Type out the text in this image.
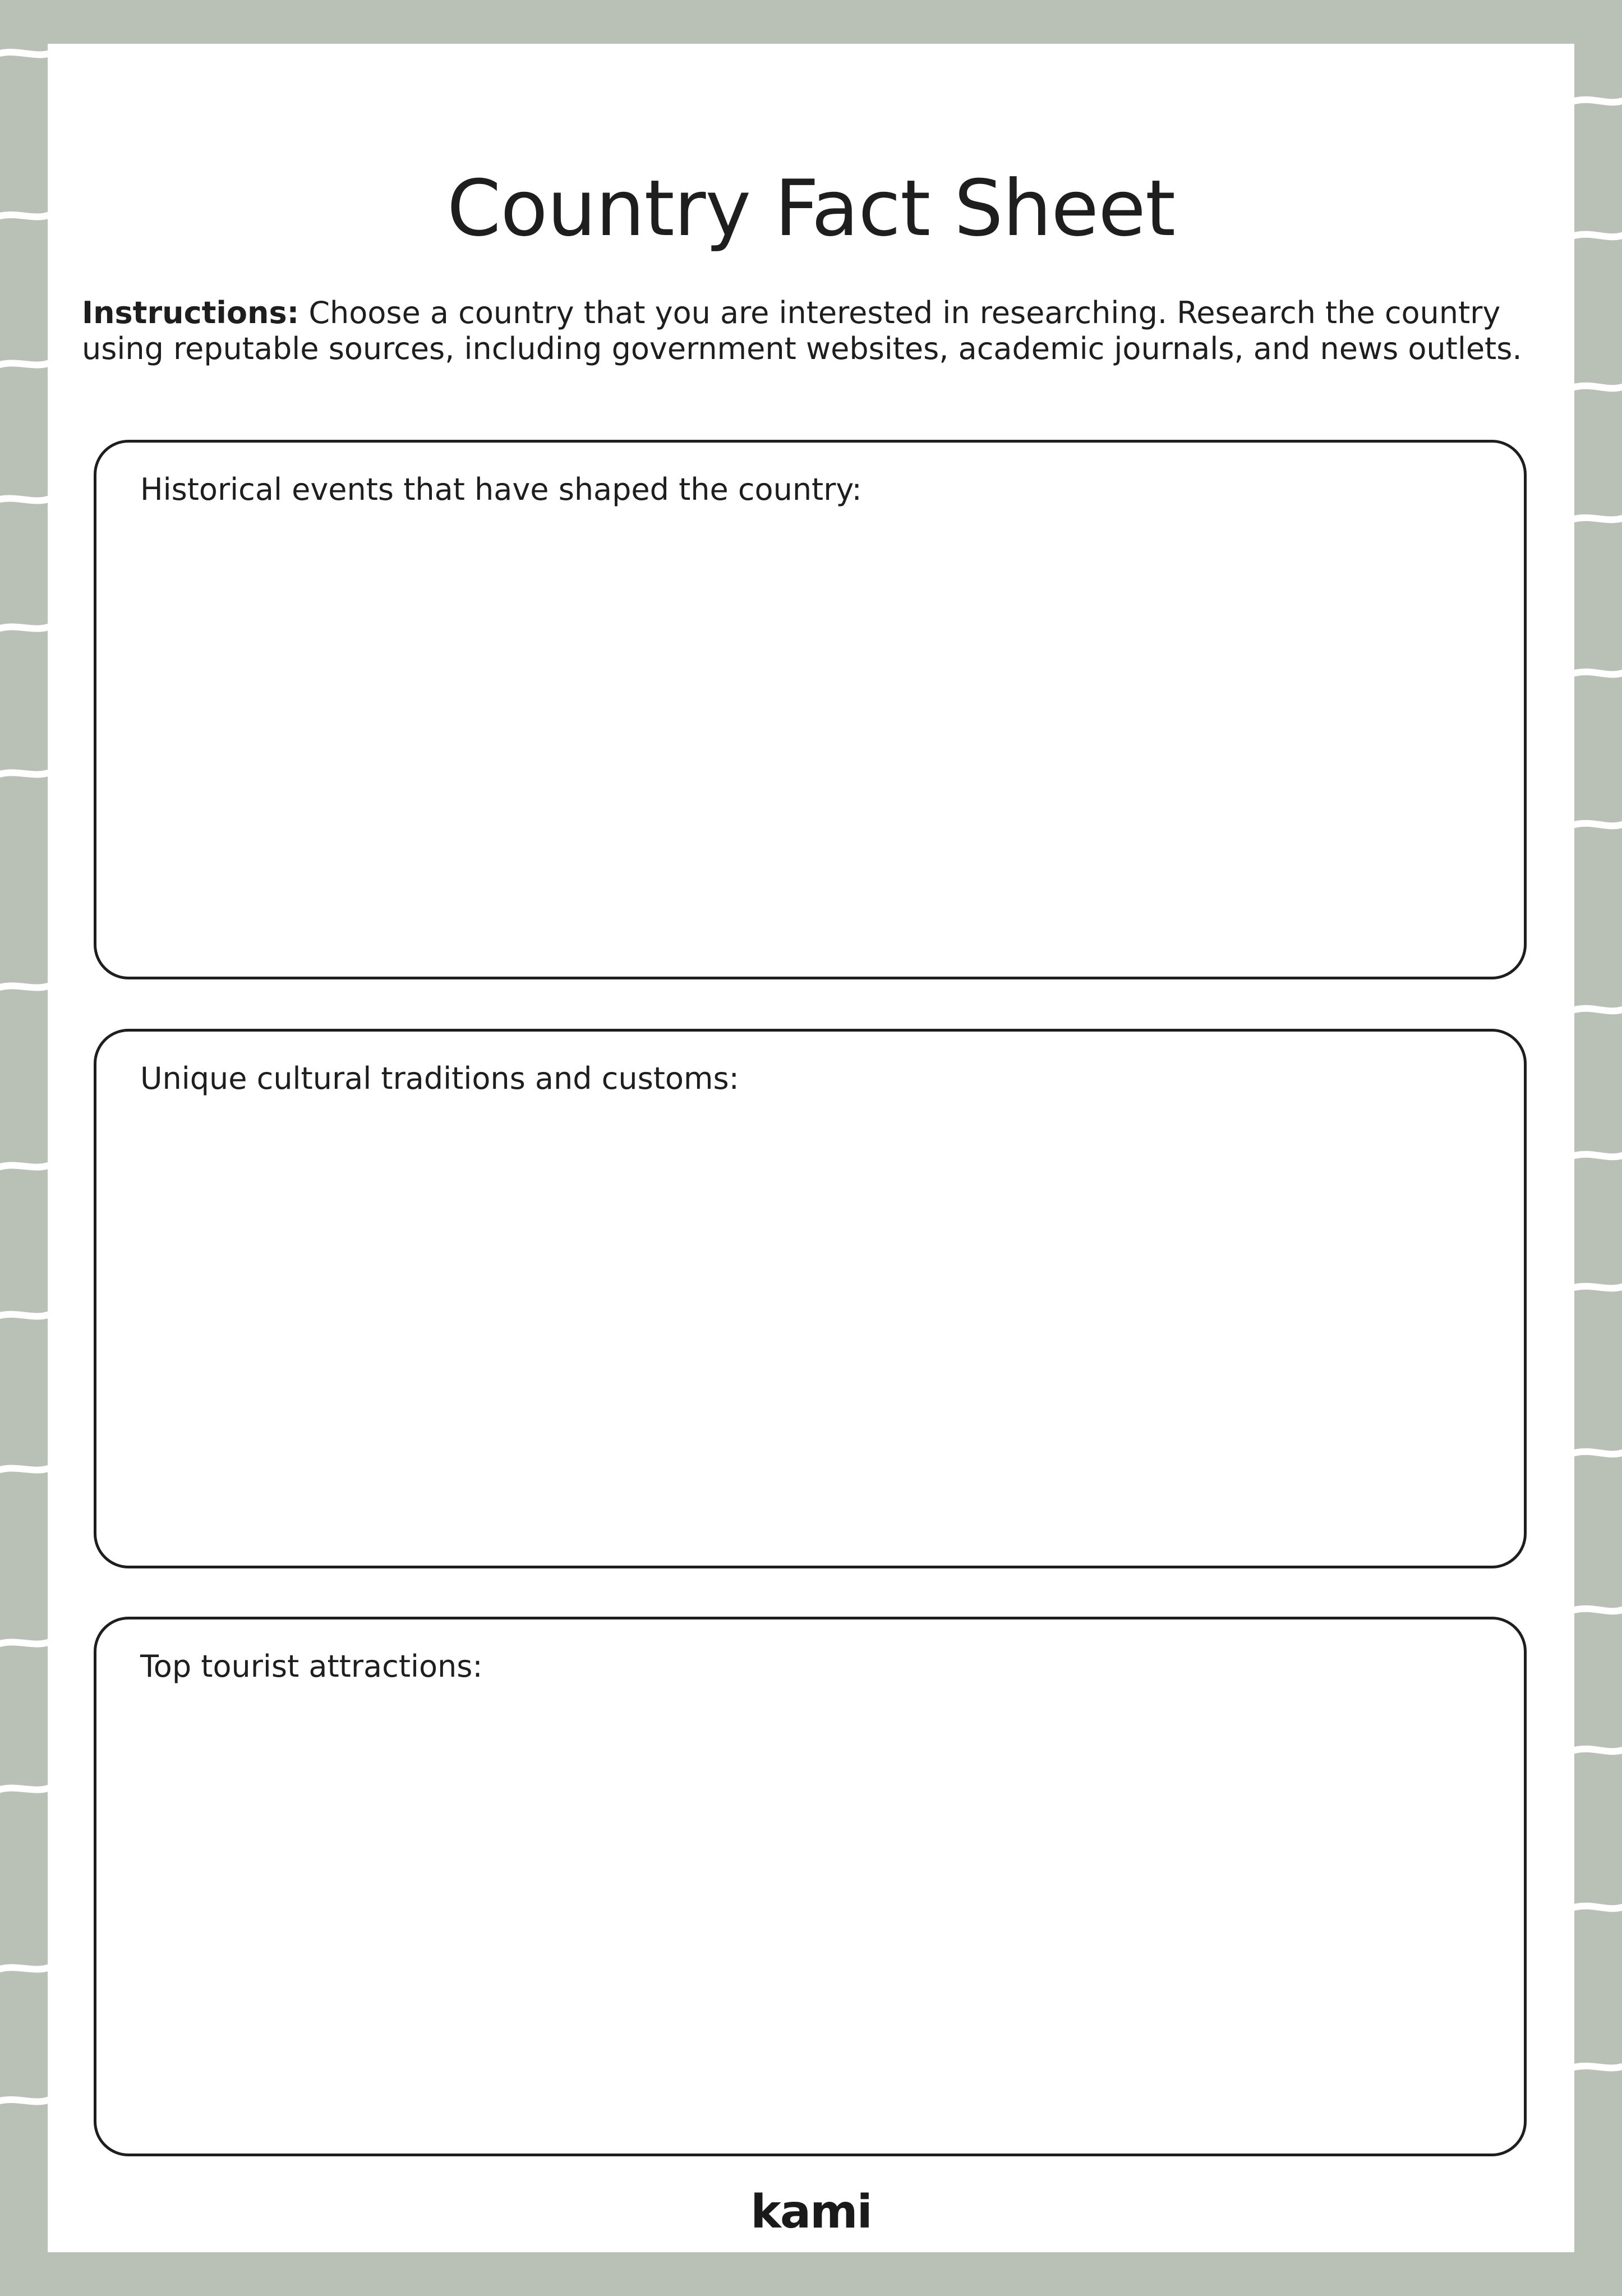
Country Fact Sheet
Instructions: Choose a country that you are interested in researching. Research the country using reputable sources, including government websites, academic journals, and news outlets.
Historical events that have shaped the country:
Unique cultural traditions and customs:
Top tourist attractions:
kami
